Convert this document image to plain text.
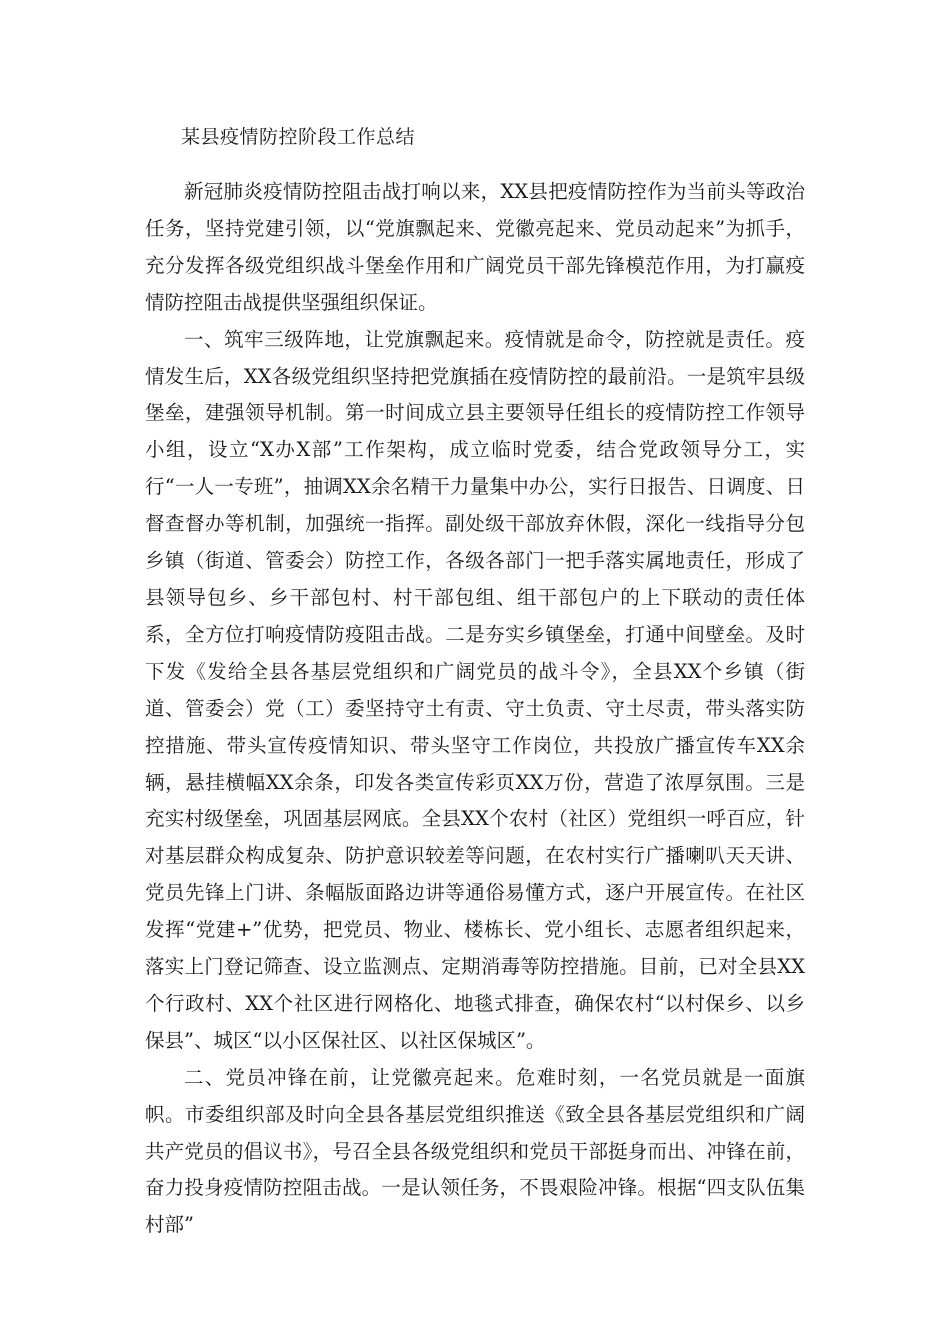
某县疫情防控阶段工作总结

新冠肺炎疫情防控阻击战打响以来，XX县把疫情防控作为当前头等政治任务，坚持党建引领，以“党旗飘起来、党徽亮起来、党员动起来”为抓手，充分发挥各级党组织战斗堡垒作用和广阔党员干部先锋模范作用，为打赢疫情防控阻击战提供坚强组织保证。

一、筑牢三级阵地，让党旗飘起来。疫情就是命令，防控就是责任。疫情发生后，XX各级党组织坚持把党旗插在疫情防控的最前沿。一是筑牢县级堡垒，建强领导机制。第一时间成立县主要领导任组长的疫情防控工作领导小组，设立“X办X部”工作架构，成立临时党委，结合党政领导分工，实行“一人一专班”，抽调XX余名精干力量集中办公，实行日报告、日调度、日督查督办等机制，加强统一指挥。副处级干部放弃休假，深化一线指导分包乡镇（街道、管委会）防控工作，各级各部门一把手落实属地责任，形成了县领导包乡、乡干部包村、村干部包组、组干部包户的上下联动的责任体系，全方位打响疫情防疫阻击战。二是夯实乡镇堡垒，打通中间壁垒。及时下发《发给全县各基层党组织和广阔党员的战斗令》，全县XX个乡镇（街道、管委会）党（工）委坚持守土有责、守土负责、守土尽责，带头落实防控措施、带头宣传疫情知识、带头坚守工作岗位，共投放广播宣传车XX余辆，悬挂横幅XX余条，印发各类宣传彩页XX万份，营造了浓厚氛围。三是充实村级堡垒，巩固基层网底。全县XX个农村（社区）党组织一呼百应，针对基层群众构成复杂、防护意识较差等问题，在农村实行广播喇叭天天讲、党员先锋上门讲、条幅版面路边讲等通俗易懂方式，逐户开展宣传。在社区发挥“党建+”优势，把党员、物业、楼栋长、党小组长、志愿者组织起来，落实上门登记筛查、设立监测点、定期消毒等防控措施。目前，已对全县XX个行政村、XX个社区进行网格化、地毯式排查，确保农村“以村保乡、以乡保县”、城区“以小区保社区、以社区保城区”。

二、党员冲锋在前，让党徽亮起来。危难时刻，一名党员就是一面旗帜。市委组织部及时向全县各基层党组织推送《致全县各基层党组织和广阔共产党员的倡议书》，号召全县各级党组织和党员干部挺身而出、冲锋在前，奋力投身疫情防控阻击战。一是认领任务，不畏艰险冲锋。根据“四支队伍集村部”
